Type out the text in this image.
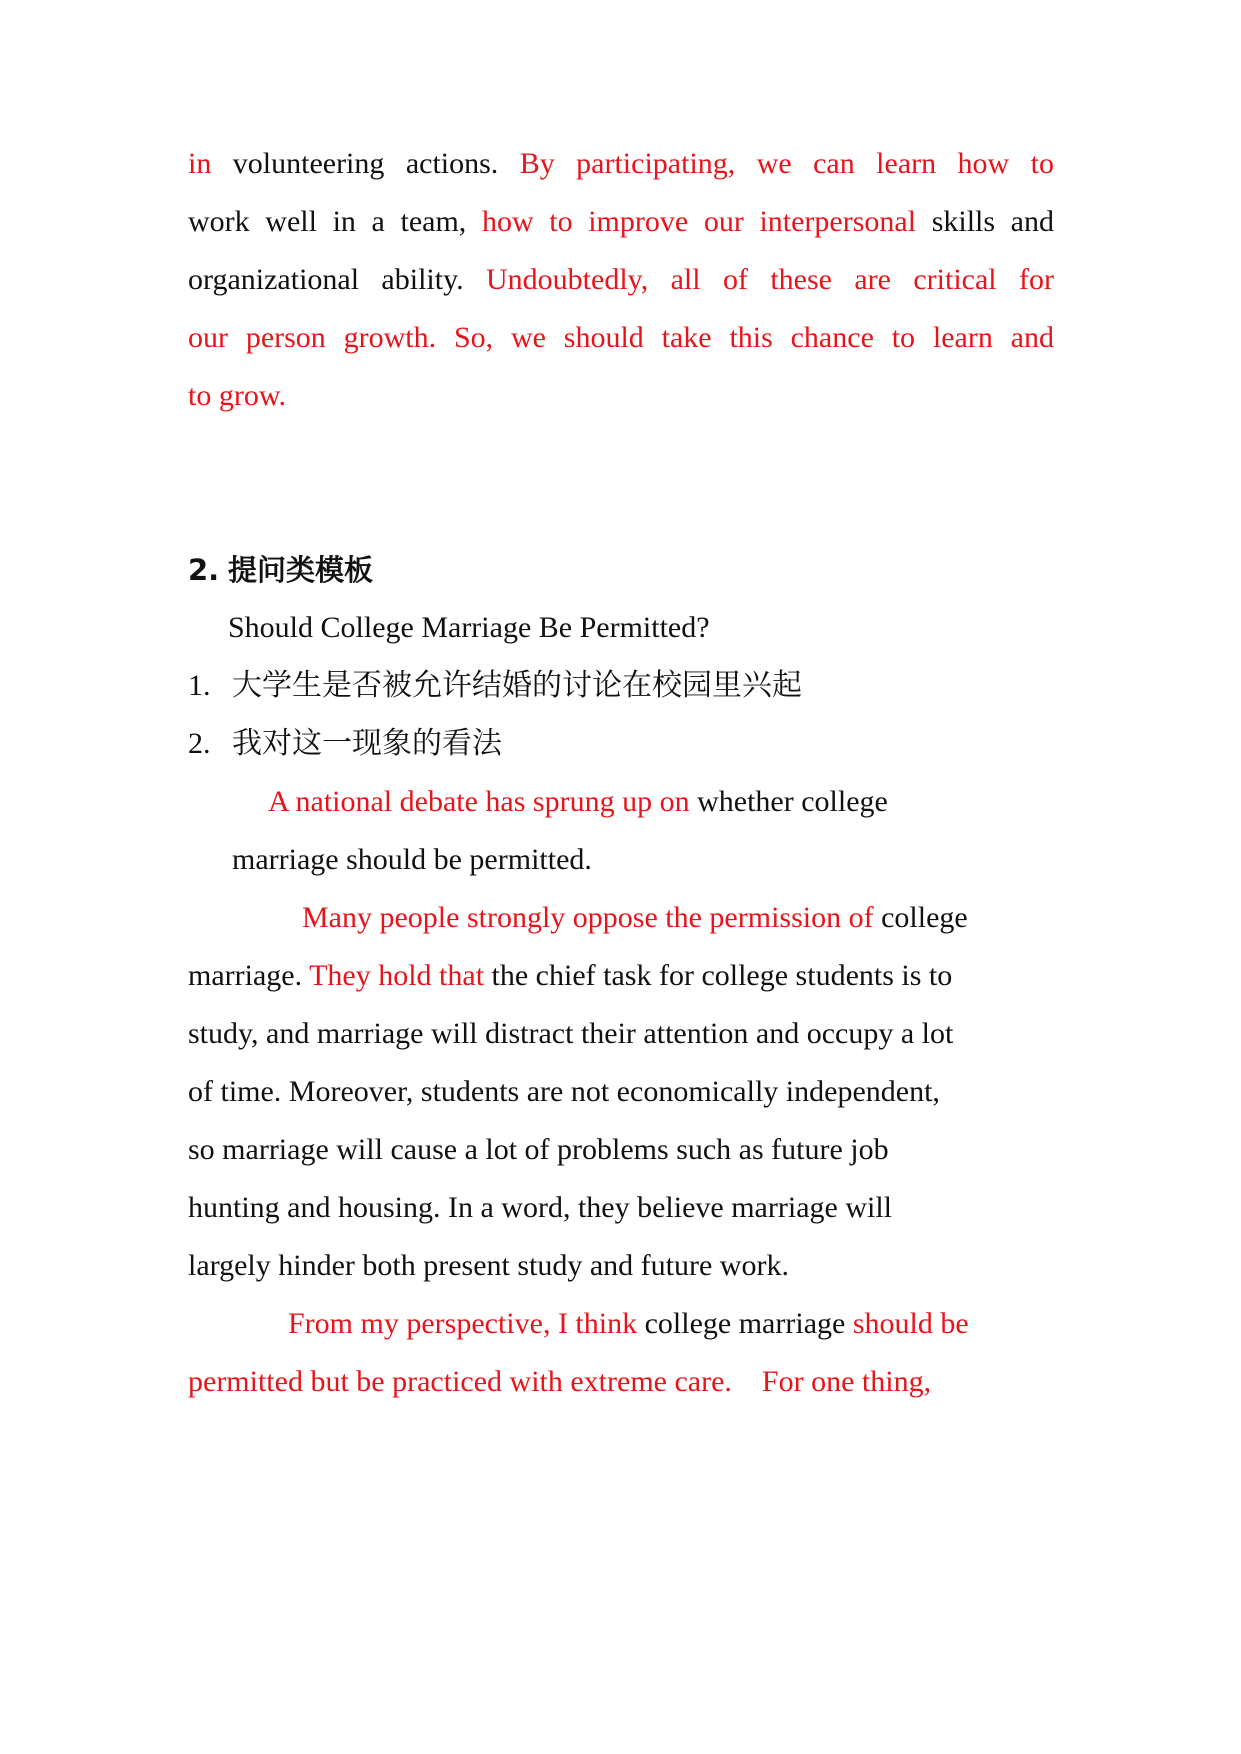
in volunteering actions. By participating, we can learn how to
work well in a team, how to improve our interpersonal skills and
organizational ability. Undoubtedly, all of these are critical for
our person growth. So, we should take this chance to learn and
to grow.
2. 提问类模板
Should College Marriage Be Permitted?
1. 大学生是否被允许结婚的讨论在校园里兴起
2. 我对这一现象的看法
A national debate has sprung up on whether college
marriage should be permitted.
Many people strongly oppose the permission of college
marriage. They hold that the chief task for college students is to
study, and marriage will distract their attention and occupy a lot
of time. Moreover, students are not economically independent,
so marriage will cause a lot of problems such as future job
hunting and housing. In a word, they believe marriage will
largely hinder both present study and future work.
From my perspective, I think college marriage should be
permitted but be practiced with extreme care.    For one thing,
